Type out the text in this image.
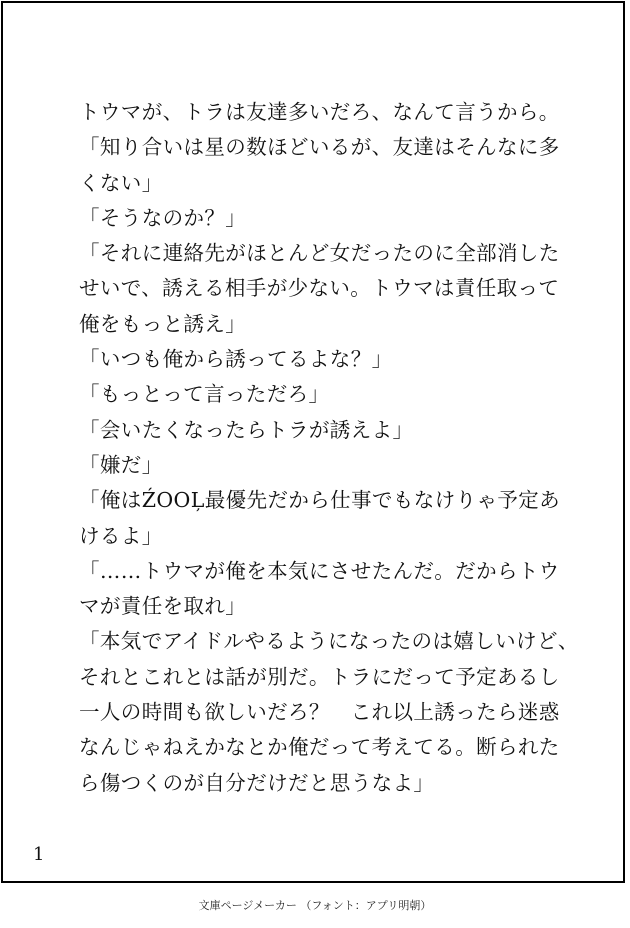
トウマが、トラは友達多いだろ、なんて言うから。
「知り合いは星の数ほどいるが、友達はそんなに多
くない」
「そうなのか？」
「それに連絡先がほとんど女だったのに全部消した
せいで、誘える相手が少ない。トウマは責任取って
俺をもっと誘え」
「いつも俺から誘ってるよな？」
「もっとって言っただろ」
「会いたくなったらトラが誘えよ」
「嫌だ」
「俺はŹOOĻ最優先だから仕事でもなけりゃ予定あ
けるよ」
「……トウマが俺を本気にさせたんだ。だからトウ
マが責任を取れ」
「本気でアイドルやるようになったのは嬉しいけど、
それとこれとは話が別だ。トラにだって予定あるし
一人の時間も欲しいだろ？　これ以上誘ったら迷惑
なんじゃねえかなとか俺だって考えてる。断られた
ら傷つくのが自分だけだと思うなよ」
1
文庫ページメーカー （フォント：アプリ明朝）
